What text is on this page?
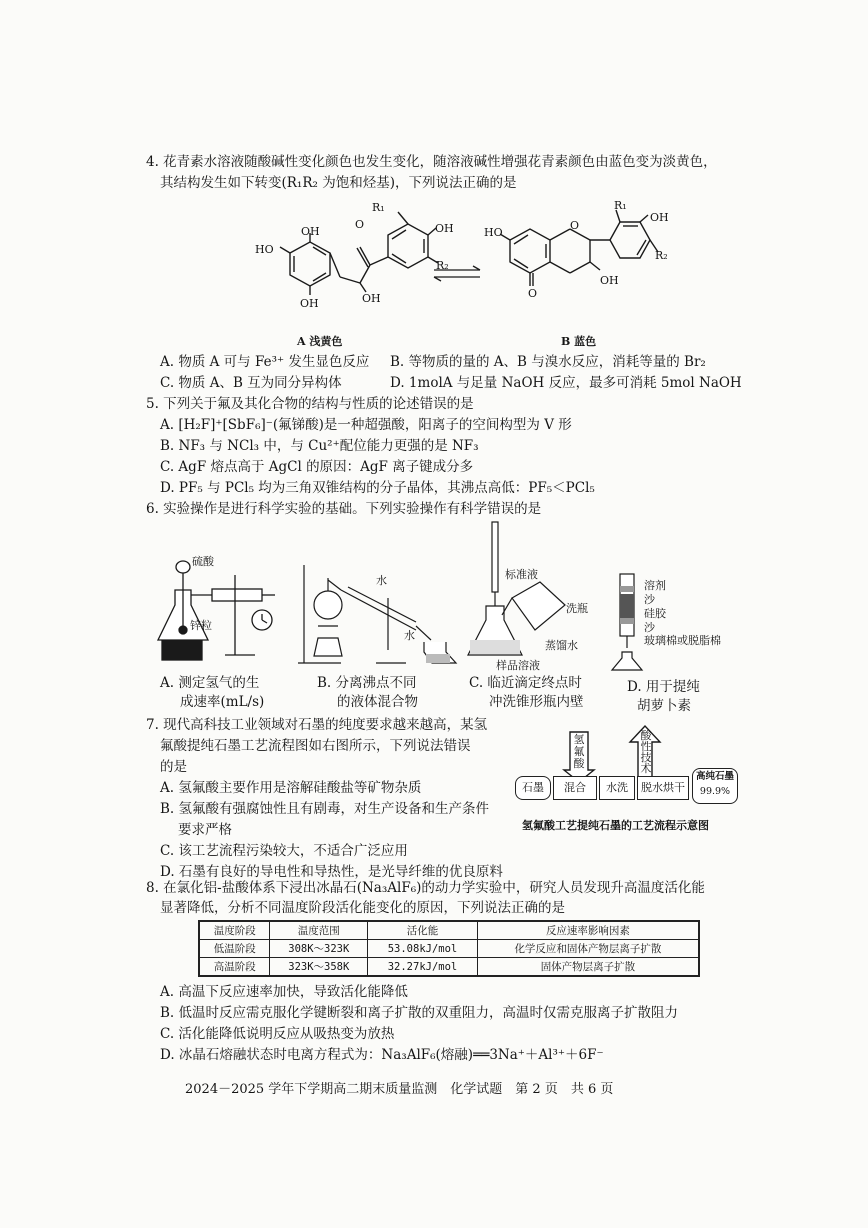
4. 花青素水溶液随酸碱性变化颜色也发生变化，随溶液碱性增强花青素颜色由蓝色变为淡黄色，
其结构发生如下转变(R₁R₂ 为饱和烃基)，下列说法正确的是
OH
HO
OH
O
OH
R₁
OH
R₂
O
HO
O
OH
R₁
OH
R₂
A 浅黄色	B 蓝色
A. 物质 A 可与 Fe³⁺ 发生显色反应 B. 等物质的量的 A、B 与溴水反应，消耗等量的 Br₂
C. 物质 A、B 互为同分异构体	D. 1molA 与足量 NaOH 反应，最多可消耗 5mol NaOH
5. 下列关于氟及其化合物的结构与性质的论述错误的是
A. [H₂F]⁺[SbF₆]⁻(氟锑酸)是一种超强酸，阳离子的空间构型为 V 形
B. NF₃ 与 NCl₃ 中，与 Cu²⁺配位能力更强的是 NF₃
C. AgF 熔点高于 AgCl 的原因：AgF 离子键成分多
D. PF₅ 与 PCl₅ 均为三角双锥结构的分子晶体，其沸点高低：PF₅＜PCl₅
6. 实验操作是进行科学实验的基础。下列实验操作有科学错误的是
硫酸
锌粒
水
水
标准液
洗瓶
蒸馏水
样品溶液
溶剂
沙
硅胶
沙
玻璃棉或脱脂棉
A. 测定氢气的生
成速率(mL/s)
B. 分离沸点不同
的液体混合物
C. 临近滴定终点时
冲洗锥形瓶内壁
D. 用于提纯
胡萝卜素
7. 现代高科技工业领域对石墨的纯度要求越来越高，某氢
氟酸提纯石墨工艺流程图如右图所示，下列说法错误
的是
A. 氢氟酸主要作用是溶解硅酸盐等矿物杂质
B. 氢氟酸有强腐蚀性且有剧毒，对生产设备和生产条件
要求严格
C. 该工艺流程污染较大，不适合广泛应用
D. 石墨有良好的导电性和导热性，是光导纤维的优良原料
氢氟酸
酸性技术
石墨	混合	水洗	脱水烘干
高纯石墨
99.9%
氢氟酸工艺提纯石墨的工艺流程示意图
8. 在氯化铝-盐酸体系下浸出冰晶石(Na₃AlF₆)的动力学实验中，研究人员发现升高温度活化能
显著降低，分析不同温度阶段活化能变化的原因，下列说法正确的是
温度阶段	温度范围	活化能	反应速率影响因素
低温阶段	308K～323K	53.08kJ/mol	化学反应和固体产物层离子扩散
高温阶段	323K～358K	32.27kJ/mol	固体产物层离子扩散
A. 高温下反应速率加快，导致活化能降低
B. 低温时反应需克服化学键断裂和离子扩散的双重阻力，高温时仅需克服离子扩散阻力
C. 活化能降低说明反应从吸热变为放热
D. 冰晶石熔融状态时电离方程式为：Na₃AlF₆(熔融)══3Na⁺＋Al³⁺＋6F⁻
2024－2025 学年下学期高二期末质量监测　化学试题　第 2 页　共 6 页
